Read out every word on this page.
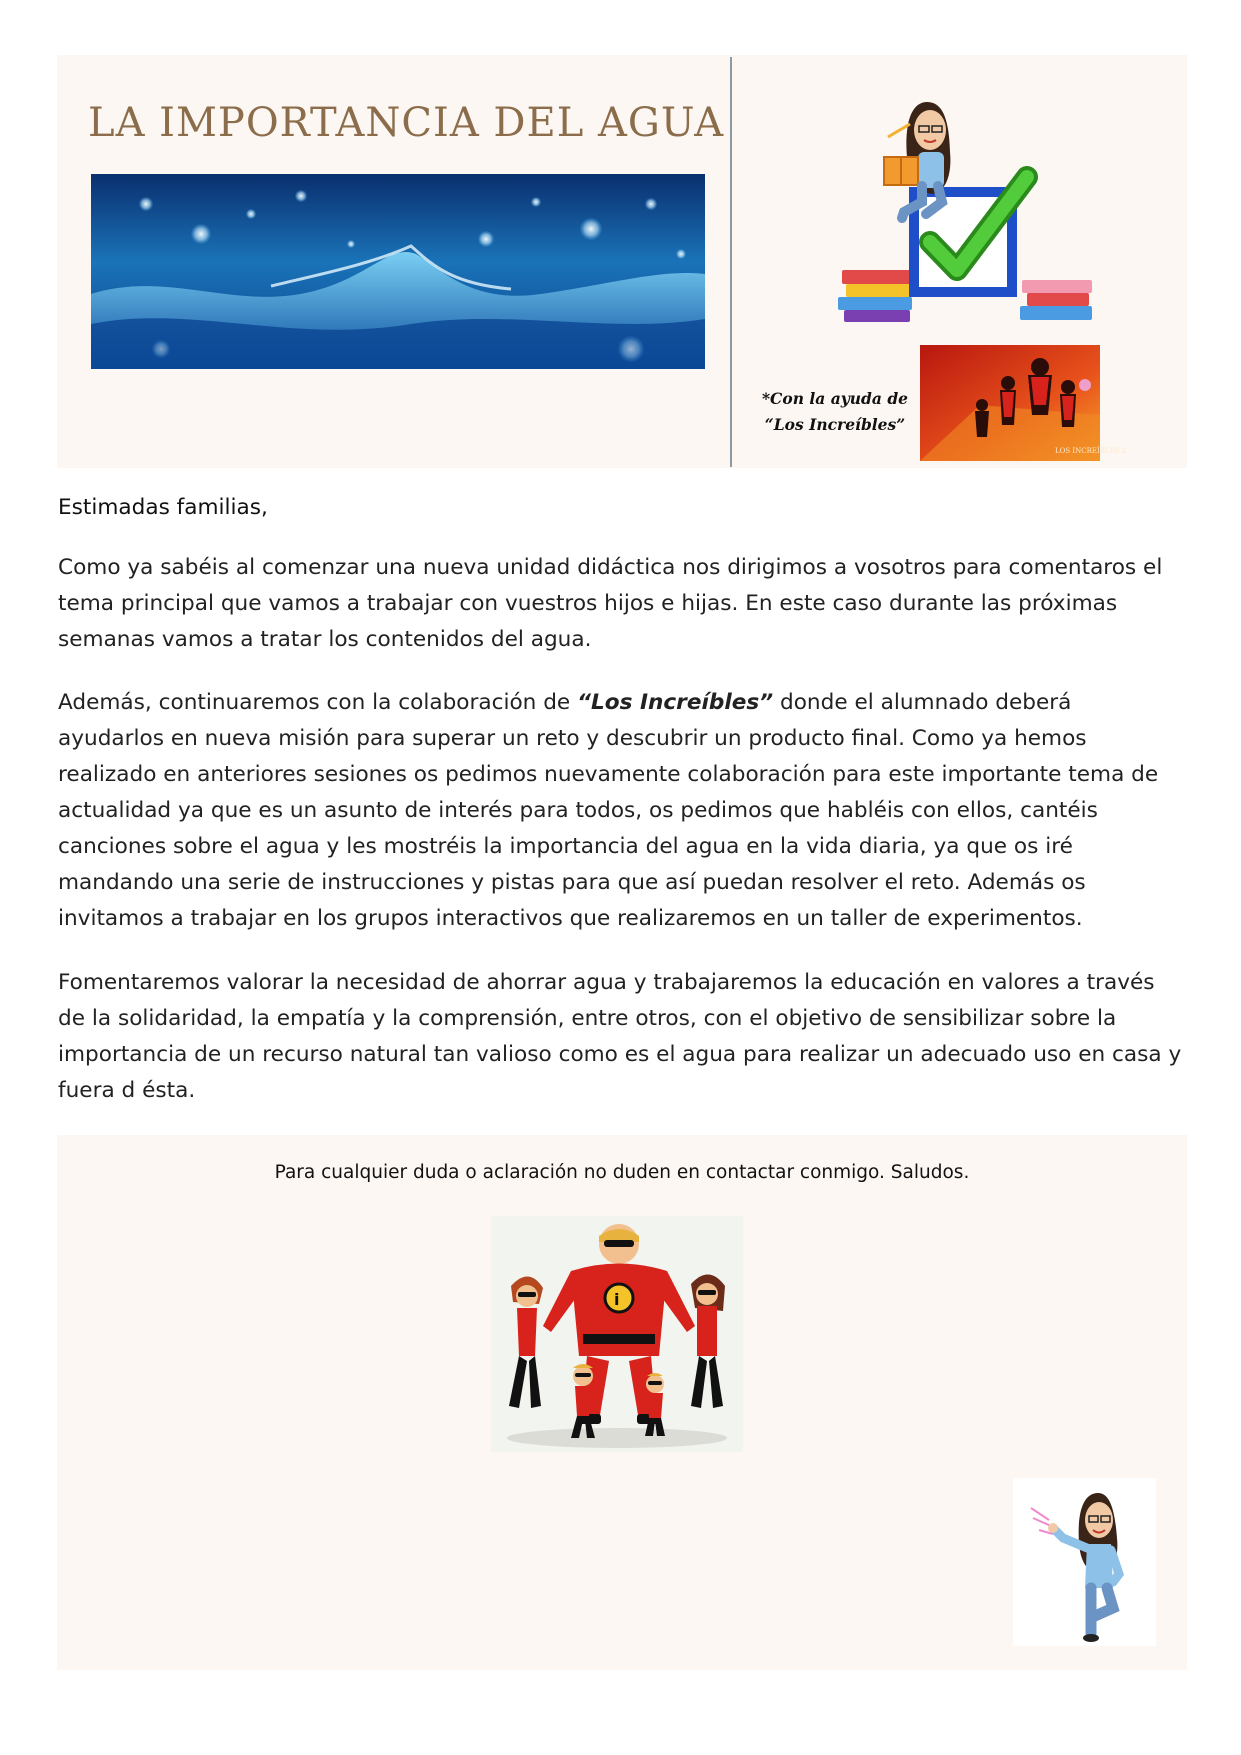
LA IMPORTANCIA DEL AGUA
*Con la ayuda de
“Los Increíbles”
LOS INCREÍBLES 2
Estimadas familias,
Como ya sabéis al comenzar una nueva unidad didáctica nos dirigimos a vosotros para comentaros el tema principal que vamos a trabajar con vuestros hijos e hijas. En este caso durante las próximas semanas vamos a tratar los contenidos del agua.
Además, continuaremos con la colaboración de “Los Increíbles” donde el alumnado deberá ayudarlos en nueva misión para superar un reto y descubrir un producto final. Como ya hemos realizado en anteriores sesiones os pedimos nuevamente colaboración para este importante tema de actualidad ya que es un asunto de interés para todos, os pedimos que habléis con ellos, cantéis canciones sobre el agua y les mostréis la importancia del agua en la vida diaria, ya que os iré mandando una serie de instrucciones y pistas para que así puedan resolver el reto. Además os invitamos a trabajar en los grupos interactivos que realizaremos en un taller de experimentos.
Fomentaremos valorar la necesidad de ahorrar agua y trabajaremos la educación en valores a través de la solidaridad, la empatía y la comprensión, entre otros, con el objetivo de sensibilizar sobre la importancia de un recurso natural tan valioso como es el agua para realizar un adecuado uso en casa y fuera d ésta.
Para cualquier duda o aclaración no duden en contactar conmigo. Saludos.
i
